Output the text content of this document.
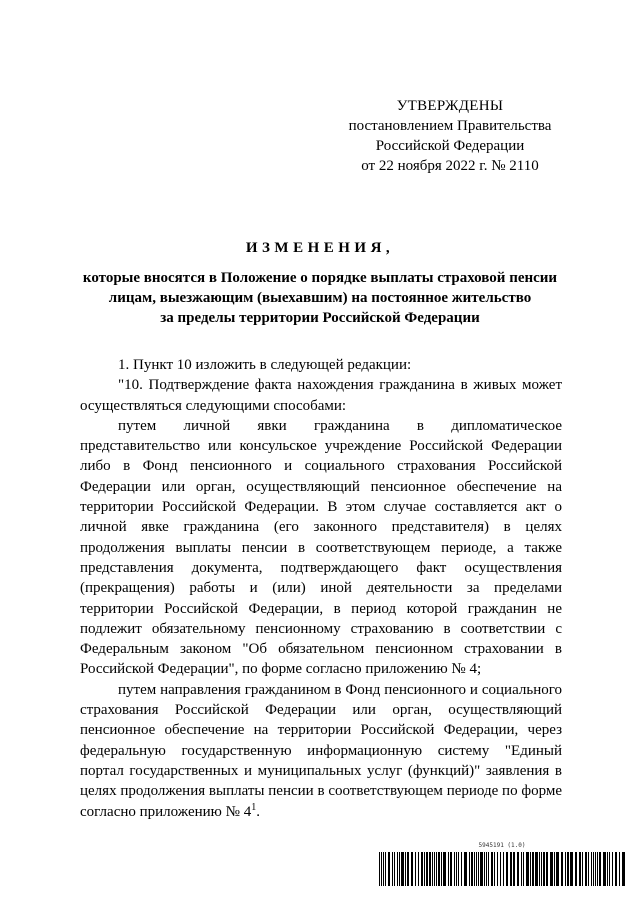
УТВЕРЖДЕНЫ
постановлением Правительства
Российской Федерации
от 22 ноября 2022 г. № 2110
ИЗМЕНЕНИЯ,
которые вносятся в Положение о порядке выплаты страховой пенсии
лицам, выезжающим (выехавшим) на постоянное жительство
за пределы территории Российской Федерации

1. Пункт 10 изложить в следующей редакции:

"10. Подтверждение факта нахождения гражданина в живых может осуществляться следующими способами:

путем личной явки гражданина в дипломатическое представительство или консульское учреждение Российской Федерации либо в Фонд пенсионного и социального страхования Российской Федерации или орган, осуществляющий пенсионное обеспечение на территории Российской Федерации. В этом случае составляется акт о личной явке гражданина (его законного представителя) в целях продолжения выплаты пенсии в соответствующем периоде, а также представления документа, подтверждающего факт осуществления (прекращения) работы и (или) иной деятельности за пределами территории Российской Федерации, в период которой гражданин не подлежит обязательному пенсионному страхованию в соответствии с Федеральным законом "Об обязательном пенсионном страховании в Российской Федерации", по форме согласно приложению № 4;

путем направления гражданином в Фонд пенсионного и социального страхования Российской Федерации или орган, осуществляющий пенсионное обеспечение на территории Российской Федерации, через федеральную государственную информационную систему "Единый портал государственных и муниципальных услуг (функций)" заявления в целях продолжения выплаты пенсии в соответствующем периоде по форме согласно приложению № $4^1$.

5945191 (1.0)
